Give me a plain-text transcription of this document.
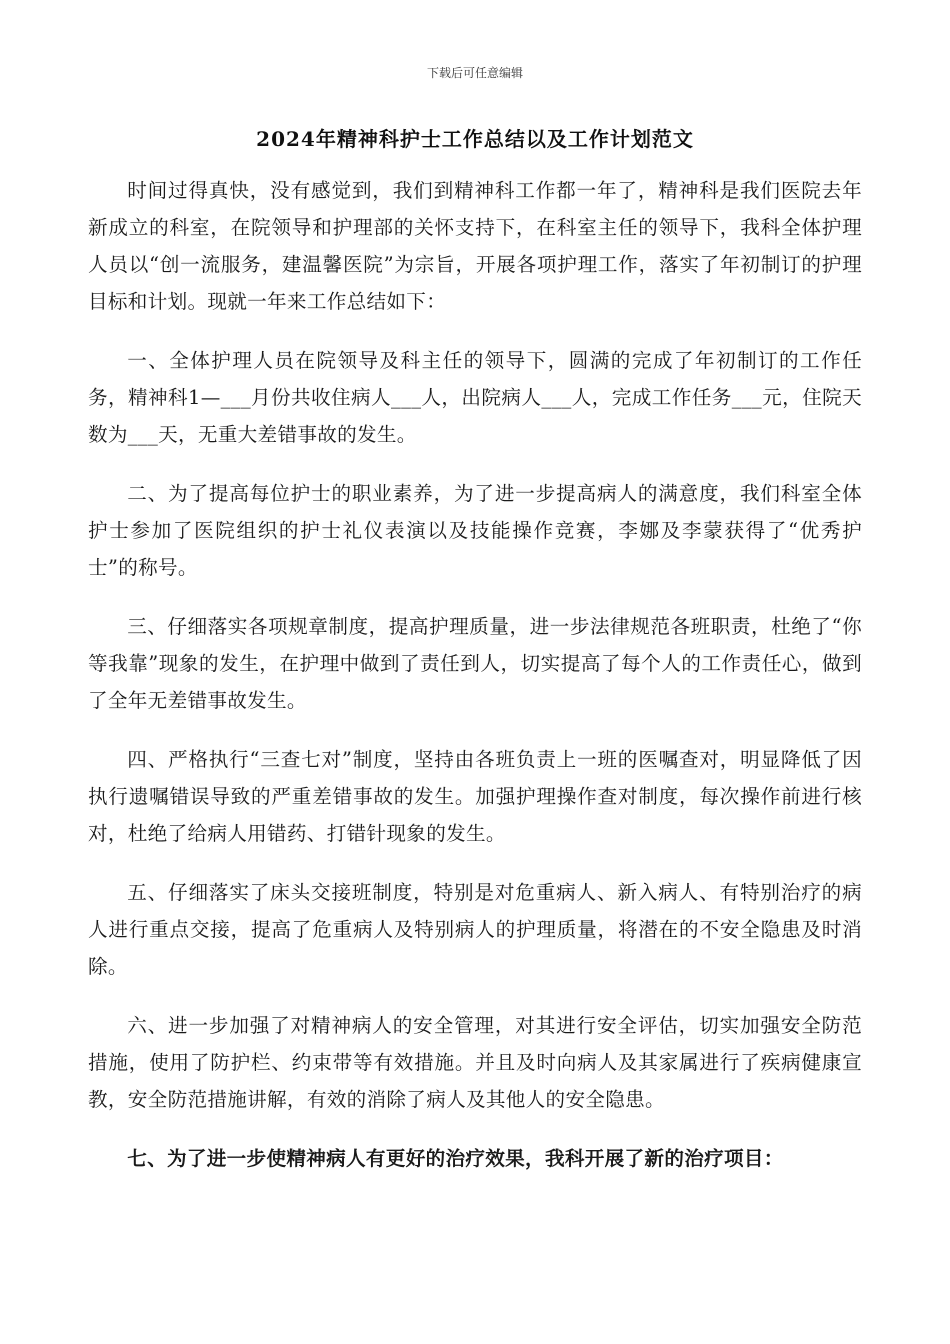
下载后可任意编辑
2024年精神科护士工作总结以及工作计划范文

时间过得真快，没有感觉到，我们到精神科工作都一年了，精神科是我们医院去年新成立的科室，在院领导和护理部的关怀支持下，在科室主任的领导下，我科全体护理人员以“创一流服务，建温馨医院”为宗旨，开展各项护理工作，落实了年初制订的护理目标和计划。现就一年来工作总结如下：

一、全体护理人员在院领导及科主任的领导下，圆满的完成了年初制订的工作任务，精神科1—___月份共收住病人___人，出院病人___人，完成工作任务___元，住院天数为___天，无重大差错事故的发生。

二、为了提高每位护士的职业素养，为了进一步提高病人的满意度，我们科室全体护士参加了医院组织的护士礼仪表演以及技能操作竞赛，李娜及李蒙获得了“优秀护士”的称号。

三、仔细落实各项规章制度，提高护理质量，进一步法律规范各班职责，杜绝了“你等我靠”现象的发生，在护理中做到了责任到人，切实提高了每个人的工作责任心，做到了全年无差错事故发生。

四、严格执行“三查七对”制度，坚持由各班负责上一班的医嘱查对，明显降低了因执行遗嘱错误导致的严重差错事故的发生。加强护理操作查对制度，每次操作前进行核对，杜绝了给病人用错药、打错针现象的发生。

五、仔细落实了床头交接班制度，特别是对危重病人、新入病人、有特别治疗的病人进行重点交接，提高了危重病人及特别病人的护理质量，将潜在的不安全隐患及时消除。

六、进一步加强了对精神病人的安全管理，对其进行安全评估，切实加强安全防范措施，使用了防护栏、约束带等有效措施。并且及时向病人及其家属进行了疾病健康宣教，安全防范措施讲解，有效的消除了病人及其他人的安全隐患。

七、为了进一步使精神病人有更好的治疗效果，我科开展了新的治疗项目：
